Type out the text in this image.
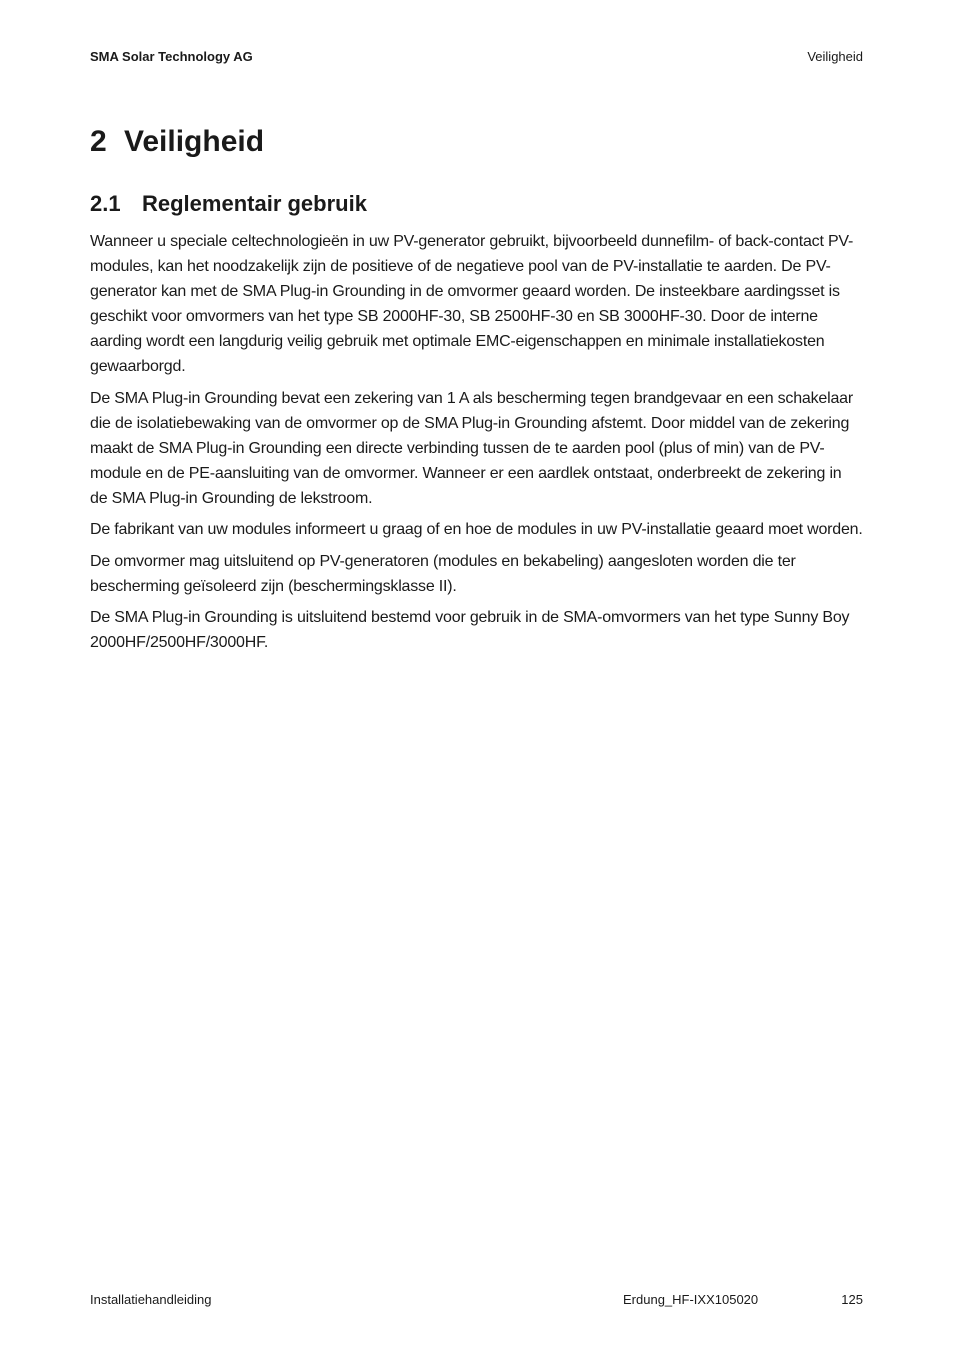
SMA Solar Technology AG	Veiligheid
2 Veiligheid
2.1 Reglementair gebruik

Wanneer u speciale celtechnologieën in uw PV-generator gebruikt, bijvoorbeeld dunnefilm- of back-contact PV-modules, kan het noodzakelijk zijn de positieve of de negatieve pool van de PV-installatie te aarden. De PV-generator kan met de SMA Plug-in Grounding in de omvormer geaard worden. De insteekbare aardingsset is geschikt voor omvormers van het type SB 2000HF-30, SB 2500HF-30 en SB 3000HF-30. Door de interne aarding wordt een langdurig veilig gebruik met optimale EMC-eigenschappen en minimale installatiekosten gewaarborgd.

De SMA Plug-in Grounding bevat een zekering van 1 A als bescherming tegen brandgevaar en een schakelaar die de isolatiebewaking van de omvormer op de SMA Plug-in Grounding afstemt. Door middel van de zekering maakt de SMA Plug-in Grounding een directe verbinding tussen de te aarden pool (plus of min) van de PV-module en de PE-aansluiting van de omvormer. Wanneer er een aardlek ontstaat, onderbreekt de zekering in de SMA Plug-in Grounding de lekstroom.

De fabrikant van uw modules informeert u graag of en hoe de modules in uw PV-installatie geaard moet worden.

De omvormer mag uitsluitend op PV-generatoren (modules en bekabeling) aangesloten worden die ter bescherming geïsoleerd zijn (beschermingsklasse II).

De SMA Plug-in Grounding is uitsluitend bestemd voor gebruik in de SMA-omvormers van het type Sunny Boy 2000HF/2500HF/3000HF.

Installatiehandleiding	Erdung_HF-IXX105020	125
